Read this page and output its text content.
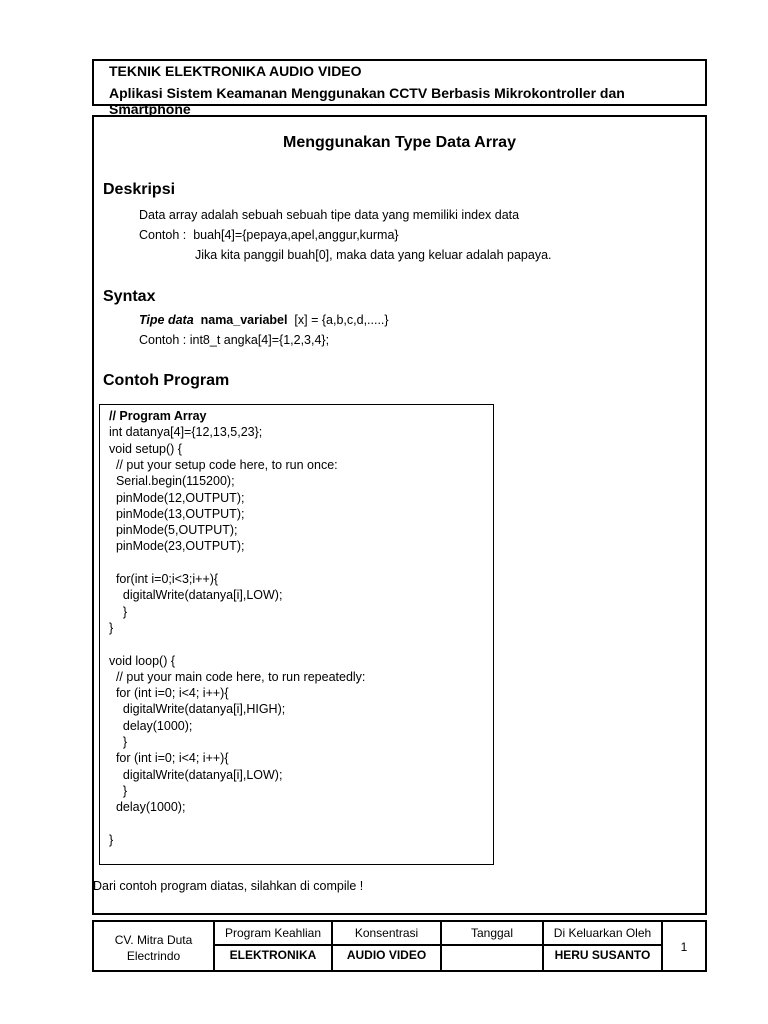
TEKNIK ELEKTRONIKA AUDIO VIDEO
Aplikasi Sistem Keamanan Menggunakan CCTV Berbasis Mikrokontroller dan Smartphone
Menggunakan Type Data Array
Deskripsi
Data array adalah sebuah sebuah tipe data yang memiliki index data
Contoh :  buah[4]={pepaya,apel,anggur,kurma}
Jika kita panggil buah[0], maka data yang keluar adalah papaya.
Syntax
Tipe data nama_variabel [x] = {a,b,c,d,.....}
Contoh : int8_t angka[4]={1,2,3,4};
Contoh Program
// Program Array
int datanya[4]={12,13,5,23};
void setup() {
// put your setup code here, to run once:
Serial.begin(115200);
pinMode(12,OUTPUT);
pinMode(13,OUTPUT);
pinMode(5,OUTPUT);
pinMode(23,OUTPUT);
for(int i=0;i<3;i++){
digitalWrite(datanya[i],LOW);
}
}
void loop() {
// put your main code here, to run repeatedly:
for (int i=0; i<4; i++){
digitalWrite(datanya[i],HIGH);
delay(1000);
}
for (int i=0; i<4; i++){
digitalWrite(datanya[i],LOW);
}
delay(1000);
}
Dari contoh program diatas, silahkan di compile !
CV. Mitra Duta Electrindo
Program Keahlian
ELEKTRONIKA
Konsentrasi
AUDIO VIDEO
Tanggal	Di Keluarkan Oleh
HERU SUSANTO
1
